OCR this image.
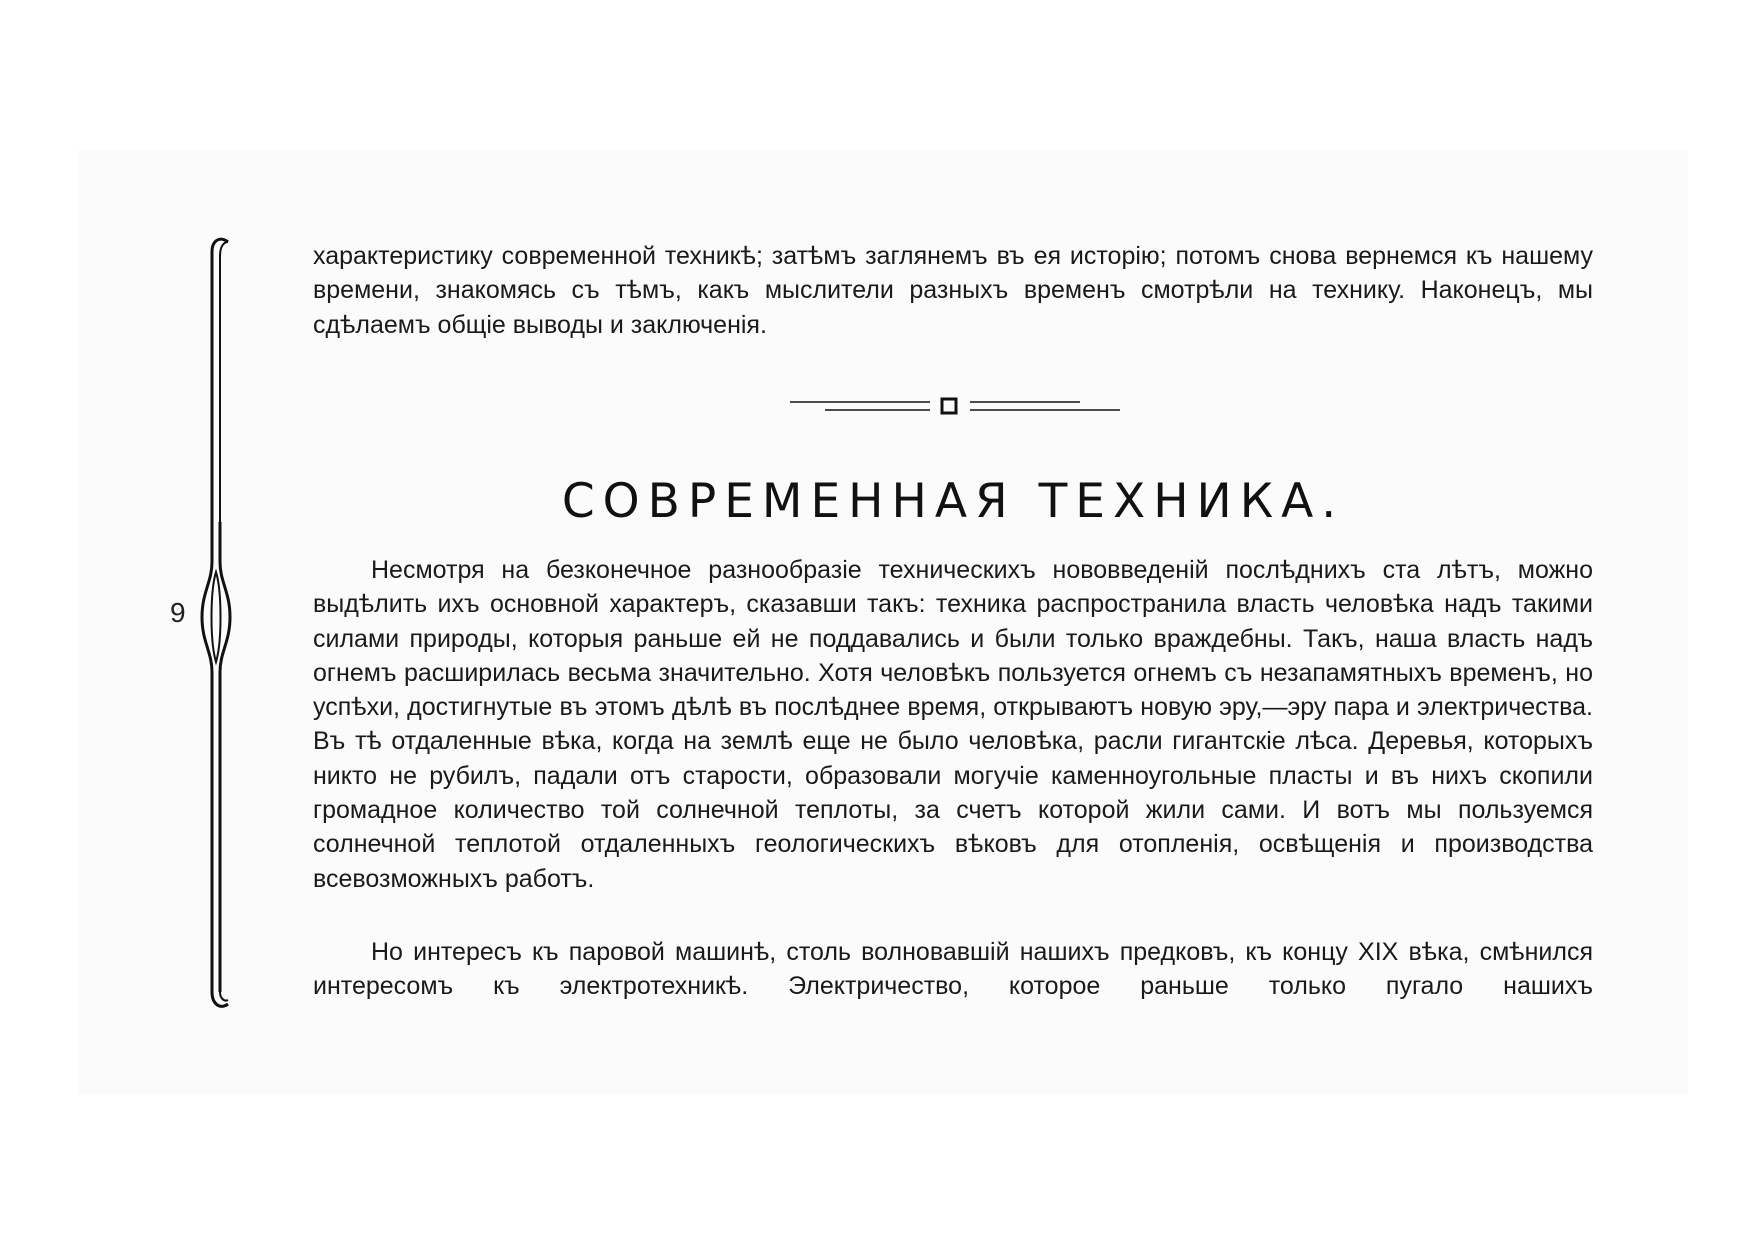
9

характеристику современной техникѣ; затѣмъ заглянемъ въ ея исторію; потомъ снова вернемся къ нашему времени, знакомясь съ тѣмъ, какъ мыслители разныхъ временъ смотрѣли на технику. Наконецъ, мы сдѣлаемъ общіе выводы и заключенія.

СОВРЕМЕННАЯ ТЕХНИКА.

Несмотря на безконечное разнообразіе техническихъ нововведеній послѣднихъ ста лѣтъ, можно выдѣлить ихъ основной характеръ, сказавши такъ: техника распространила власть человѣка надъ такими силами природы, которыя раньше ей не поддавались и были только враждебны. Такъ, наша власть надъ огнемъ расширилась весьма значительно. Хотя человѣкъ пользуется огнемъ съ незапамятныхъ временъ, но успѣхи, достигнутые въ этомъ дѣлѣ въ послѣднее время, открываютъ новую эру,—эру пара и электричества. Въ тѣ отдаленные вѣка, когда на землѣ еще не было человѣка, расли гигантскіе лѣса. Деревья, которыхъ никто не рубилъ, падали отъ старости, образовали могучіе каменноугольные пласты и въ нихъ скопили громадное количество той солнечной теплоты, за счетъ которой жили сами. И вотъ мы пользуемся солнечной теплотой отдаленныхъ геологическихъ вѣковъ для отопленія, освѣщенія и производства всевозможныхъ работъ.

Но интересъ къ паровой машинѣ, столь волновавшій нашихъ предковъ, къ концу XIX вѣка, смѣнился интересомъ къ электротехникѣ. Электричество, которое раньше только пугало нашихъ
